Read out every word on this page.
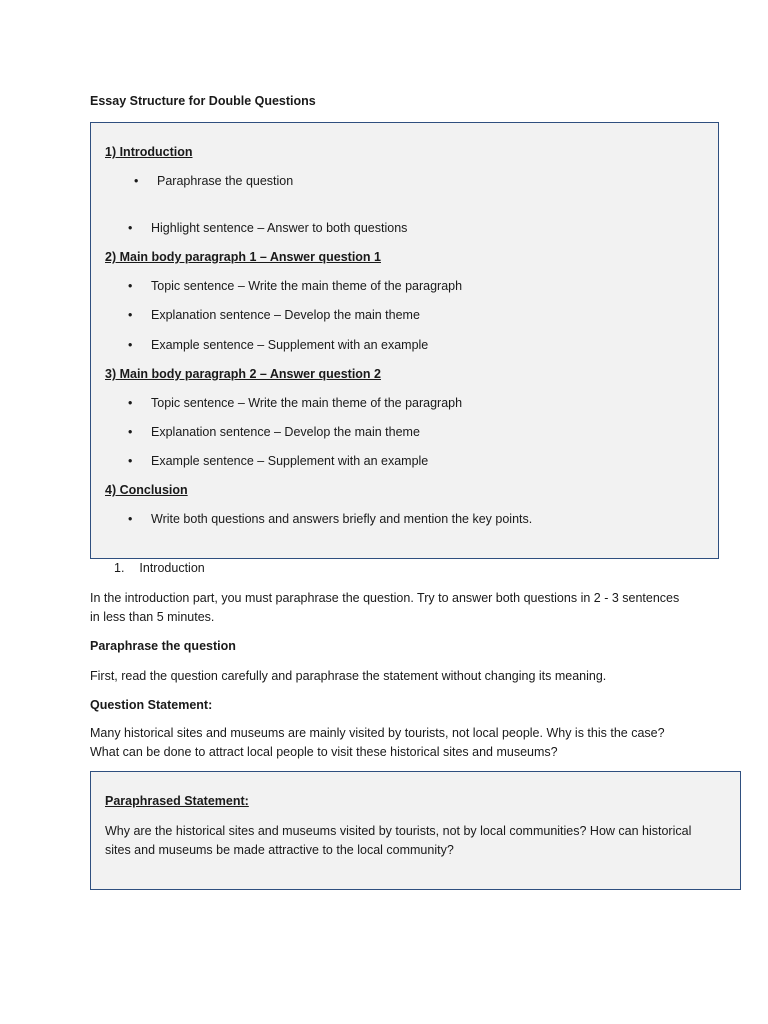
Essay Structure for Double Questions
1) Introduction
• Paraphrase the question
• Highlight sentence – Answer to both questions
2) Main body paragraph 1 – Answer question 1
• Topic sentence – Write the main theme of the paragraph
• Explanation sentence – Develop the main theme
• Example sentence – Supplement with an example
3) Main body paragraph 2 – Answer question 2
• Topic sentence – Write the main theme of the paragraph
• Explanation sentence – Develop the main theme
• Example sentence – Supplement with an example
4) Conclusion
• Write both questions and answers briefly and mention the key points.
1. Introduction
In the introduction part, you must paraphrase the question. Try to answer both questions in 2 - 3 sentences in less than 5 minutes.
Paraphrase the question
First, read the question carefully and paraphrase the statement without changing its meaning.
Question Statement:
Many historical sites and museums are mainly visited by tourists, not local people. Why is this the case? What can be done to attract local people to visit these historical sites and museums?
Paraphrased Statement:
Why are the historical sites and museums visited by tourists, not by local communities? How can historical sites and museums be made attractive to the local community?
